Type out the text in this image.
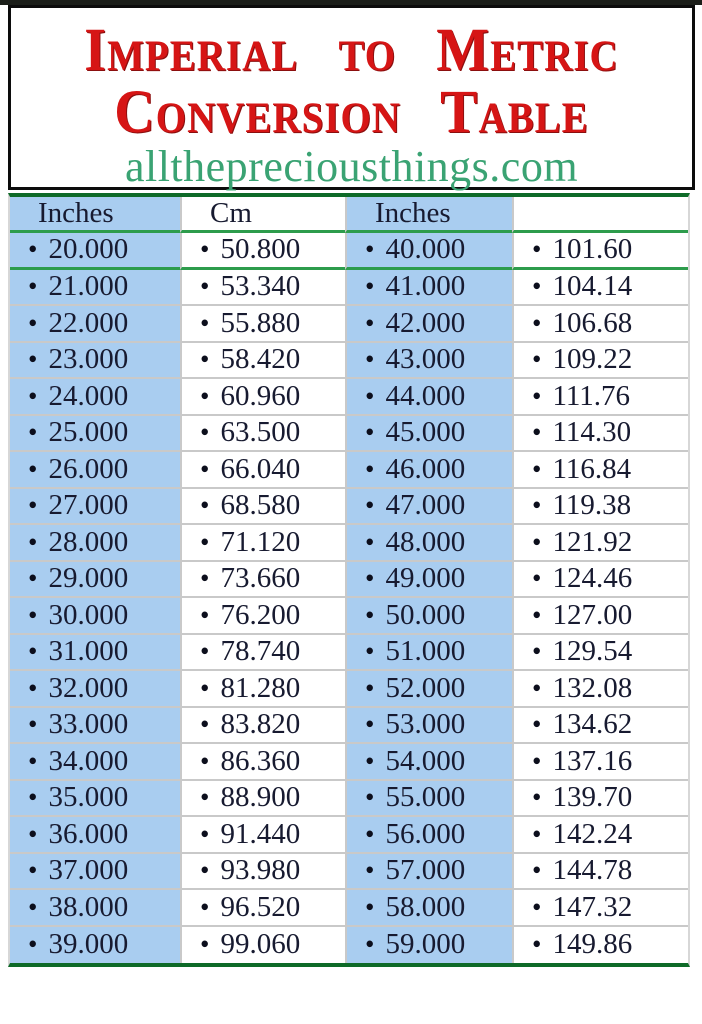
Imperial to Metric
Conversion Table
allthepreciousthings.com
Inches	Cm	Inches	
• 20.000	• 50.800	• 40.000	• 101.60
• 21.000	• 53.340	• 41.000	• 104.14
• 22.000	• 55.880	• 42.000	• 106.68
• 23.000	• 58.420	• 43.000	• 109.22
• 24.000	• 60.960	• 44.000	• 111.76
• 25.000	• 63.500	• 45.000	• 114.30
• 26.000	• 66.040	• 46.000	• 116.84
• 27.000	• 68.580	• 47.000	• 119.38
• 28.000	• 71.120	• 48.000	• 121.92
• 29.000	• 73.660	• 49.000	• 124.46
• 30.000	• 76.200	• 50.000	• 127.00
• 31.000	• 78.740	• 51.000	• 129.54
• 32.000	• 81.280	• 52.000	• 132.08
• 33.000	• 83.820	• 53.000	• 134.62
• 34.000	• 86.360	• 54.000	• 137.16
• 35.000	• 88.900	• 55.000	• 139.70
• 36.000	• 91.440	• 56.000	• 142.24
• 37.000	• 93.980	• 57.000	• 144.78
• 38.000	• 96.520	• 58.000	• 147.32
• 39.000	• 99.060	• 59.000	• 149.86
